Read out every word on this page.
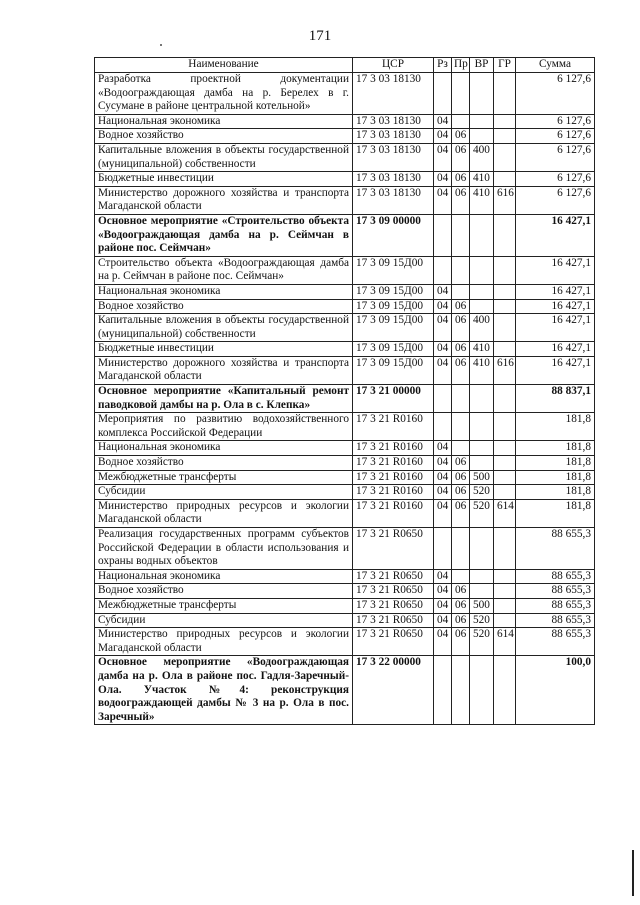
171
Наименование	ЦСР	Рз	Пр	ВР	ГР	Сумма
Разработка проектной документации «Водоограждающая дамба на р. Берелех в г. Сусумане в районе центральной котельной»	17 3 03 18130					6 127,6
Национальная экономика	17 3 03 18130	04				6 127,6
Водное хозяйство	17 3 03 18130	04	06			6 127,6
Капитальные вложения в объекты государственной (муниципальной) собственности	17 3 03 18130	04	06	400		6 127,6
Бюджетные инвестиции	17 3 03 18130	04	06	410		6 127,6
Министерство дорожного хозяйства и транспорта Магаданской области	17 3 03 18130	04	06	410	616	6 127,6
Основное мероприятие «Строительство объекта «Водоограждающая дамба на р. Сеймчан в районе пос. Сеймчан»	17 3 09 00000					16 427,1
Строительство объекта «Водоограждающая дамба на р. Сеймчан в районе пос. Сеймчан»	17 3 09 15Д00					16 427,1
Национальная экономика	17 3 09 15Д00	04				16 427,1
Водное хозяйство	17 3 09 15Д00	04	06			16 427,1
Капитальные вложения в объекты государственной (муниципальной) собственности	17 3 09 15Д00	04	06	400		16 427,1
Бюджетные инвестиции	17 3 09 15Д00	04	06	410		16 427,1
Министерство дорожного хозяйства и транспорта Магаданской области	17 3 09 15Д00	04	06	410	616	16 427,1
Основное мероприятие «Капитальный ремонт паводковой дамбы на р. Ола в с. Клепка»	17 3 21 00000					88 837,1
Мероприятия по развитию водохозяйственного комплекса Российской Федерации	17 3 21 R0160					181,8
Национальная экономика	17 3 21 R0160	04				181,8
Водное хозяйство	17 3 21 R0160	04	06			181,8
Межбюджетные трансферты	17 3 21 R0160	04	06	500		181,8
Субсидии	17 3 21 R0160	04	06	520		181,8
Министерство природных ресурсов и экологии Магаданской области	17 3 21 R0160	04	06	520	614	181,8
Реализация государственных программ субъектов Российской Федерации в области использования и охраны водных объектов	17 3 21 R0650					88 655,3
Национальная экономика	17 3 21 R0650	04				88 655,3
Водное хозяйство	17 3 21 R0650	04	06			88 655,3
Межбюджетные трансферты	17 3 21 R0650	04	06	500		88 655,3
Субсидии	17 3 21 R0650	04	06	520		88 655,3
Министерство природных ресурсов и экологии Магаданской области	17 3 21 R0650	04	06	520	614	88 655,3
Основное мероприятие «Водоограждающая дамба на р. Ола в районе пос. Гадля-Заречный-Ола. Участок №4: реконструкция водоограждающей дамбы № 3 на р. Ола в пос. Заречный»	17 3 22 00000					100,0
